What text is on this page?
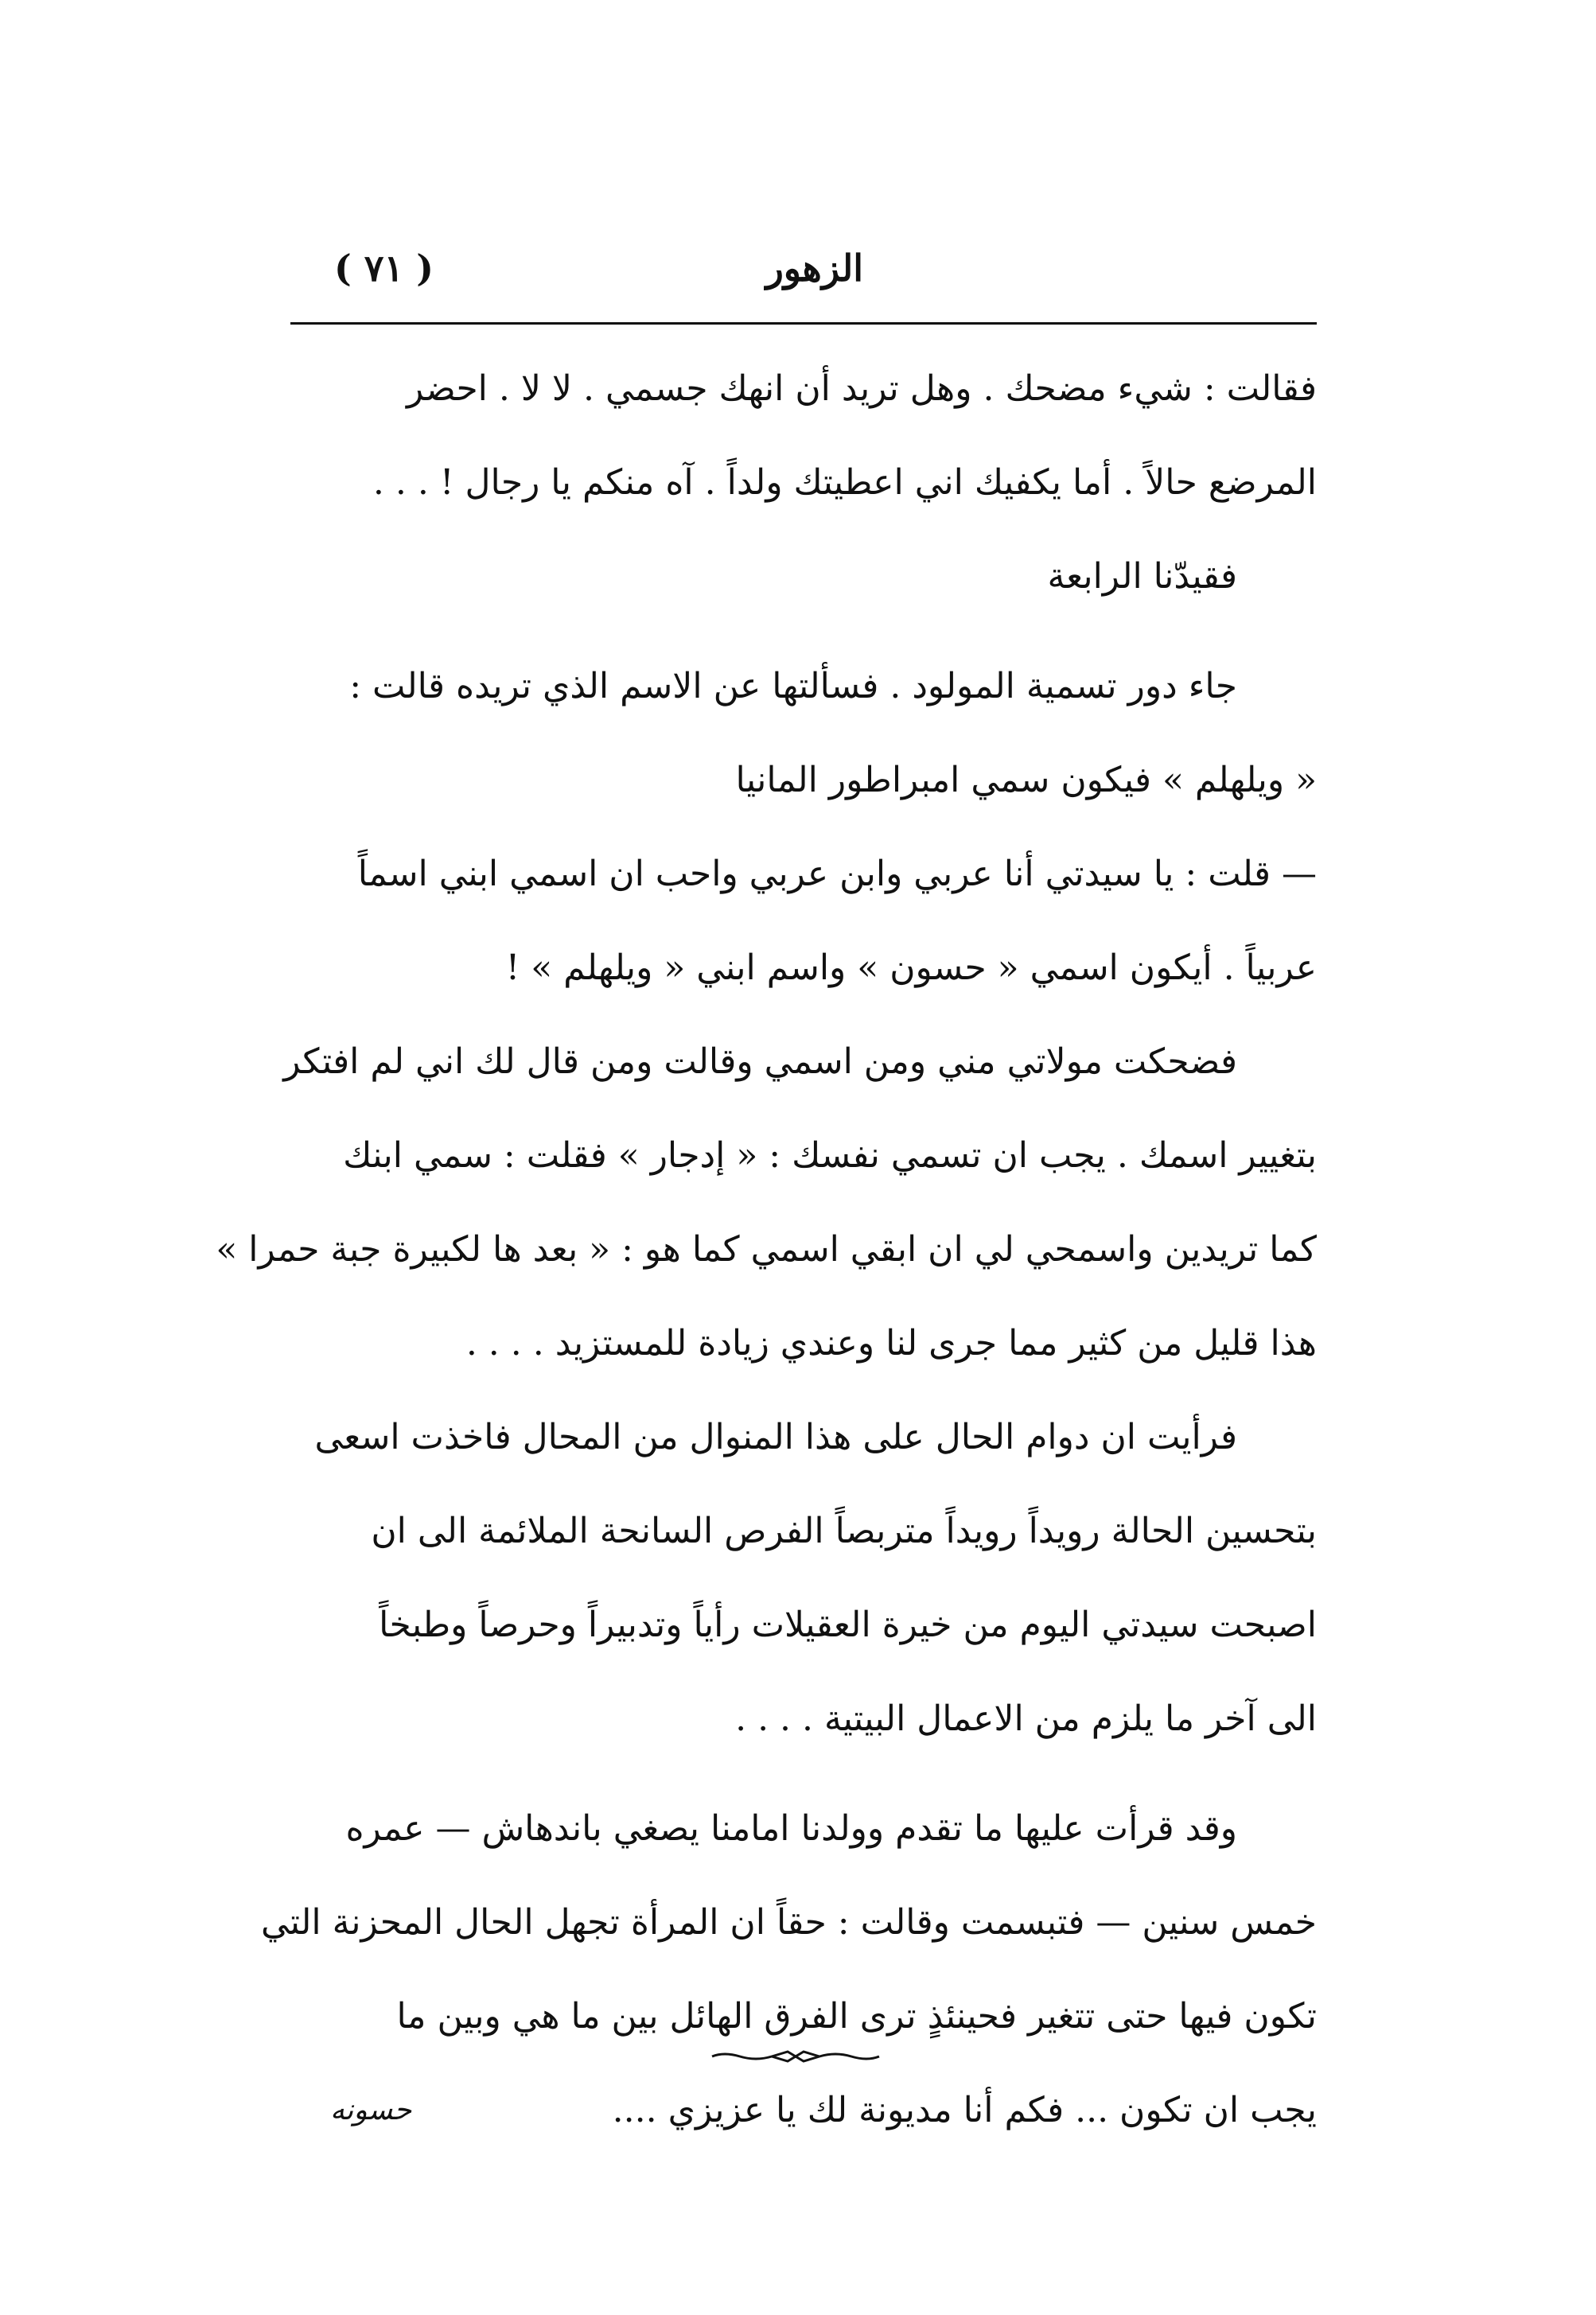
الزهور
( ٧١ )
فقالت : شيء مضحك . وهل تريد أن انهك جسمي . لا لا . احضر
المرضع حالاً . أما يكفيك اني اعطيتك ولداً . آه منكم يا رجال ! . . .
فقيدّنا الرابعة
جاء دور تسمية المولود . فسألتها عن الاسم الذي تريده قالت :
« ويلهلم » فيكون سمي امبراطور المانيا
— قلت : يا سيدتي أنا عربي وابن عربي واحب ان اسمي ابني اسماً
عربياً . أيكون اسمي « حسون » واسم ابني « ويلهلم » !
فضحكت مولاتي مني ومن اسمي وقالت ومن قال لك اني لم افتكر
بتغيير اسمك . يجب ان تسمي نفسك : « إدجار » فقلت : سمي ابنك
كما تريدين واسمحي لي ان ابقي اسمي كما هو : « بعد ها لكبيرة جبة حمرا »
هذا قليل من كثير مما جرى لنا وعندي زيادة للمستزيد . . . .
فرأيت ان دوام الحال على هذا المنوال من المحال فاخذت اسعى
بتحسين الحالة رويداً رويداً متربصاً الفرص السانحة الملائمة الى ان
اصبحت سيدتي اليوم من خيرة العقيلات رأياً وتدبيراً وحرصاً وطبخاً
الى آخر ما يلزم من الاعمال البيتية . . . .
وقد قرأت عليها ما تقدم وولدنا امامنا يصغي باندهاش — عمره
خمس سنين — فتبسمت وقالت : حقاً ان المرأة تجهل الحال المحزنة التي
تكون فيها حتى تتغير فحينئذٍ ترى الفرق الهائل بين ما هي وبين ما
يجب ان تكون ... فكم أنا مديونة لك يا عزيزي ....
حسونه
